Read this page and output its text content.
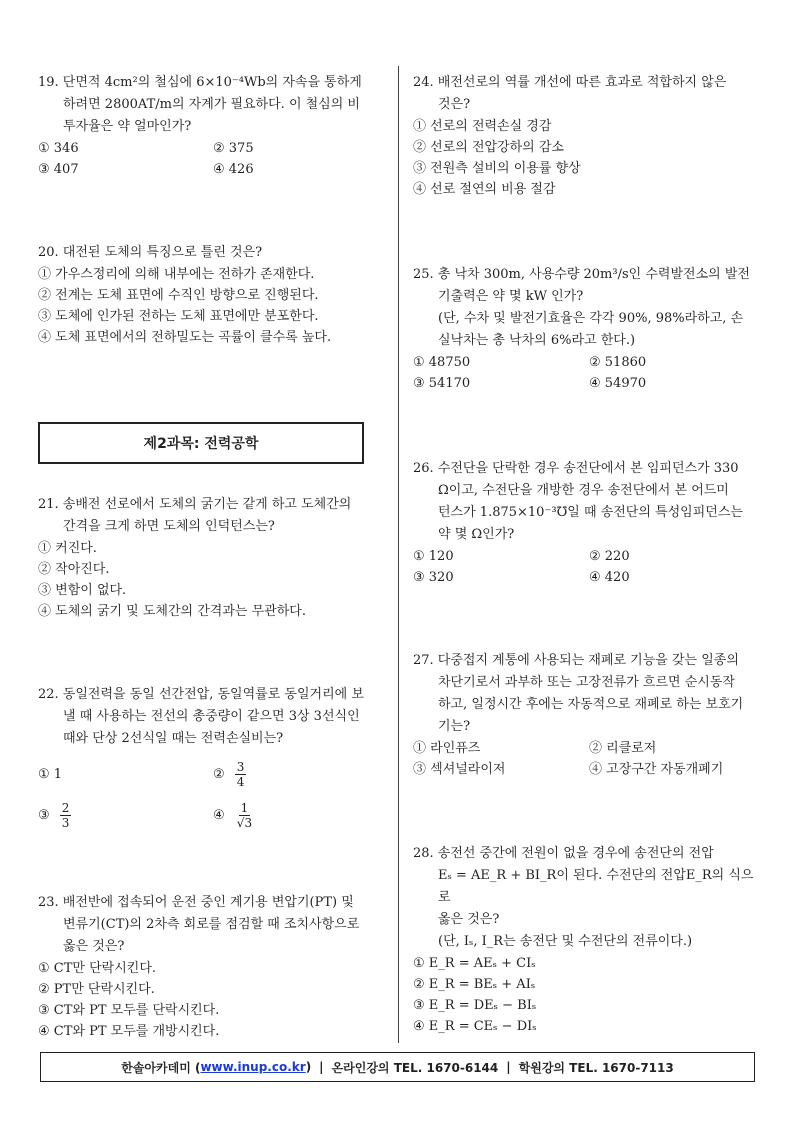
19. 단면적 4cm²의 철심에 6×10⁻⁴Wb의 자속을 통하게
하려면 2800AT/m의 자계가 필요하다. 이 철심의 비
투자율은 약 얼마인가?
① 346	② 375
③ 407	④ 426
20. 대전된 도체의 특징으로 틀린 것은?
① 가우스정리에 의해 내부에는 전하가 존재한다.
② 전계는 도체 표면에 수직인 방향으로 진행된다.
③ 도체에 인가된 전하는 도체 표면에만 분포한다.
④ 도체 표면에서의 전하밀도는 곡률이 클수록 높다.
제2과목: 전력공학
21. 송배전 선로에서 도체의 굵기는 같게 하고 도체간의
간격을 크게 하면 도체의 인덕턴스는?
① 커진다.
② 작아진다.
③ 변함이 없다.
④ 도체의 굵기 및 도체간의 간격과는 무관하다.
22. 동일전력을 동일 선간전압, 동일역률로 동일거리에 보
낼 때 사용하는 전선의 총중량이 같으면 3상 3선식인
때와 단상 2선식일 때는 전력손실비는?
① 1	② $\frac{3}{4}$
③ $\frac{2}{3}$	④ $\frac{1}{√3}$
23. 배전반에 접속되어 운전 중인 계기용 변압기(PT) 및
변류기(CT)의 2차측 회로를 점검할 때 조치사항으로
옳은 것은?
① CT만 단락시킨다.
② PT만 단락시킨다.
③ CT와 PT 모두를 단락시킨다.
④ CT와 PT 모두를 개방시킨다.
24. 배전선로의 역률 개선에 따른 효과로 적합하지 않은
것은?
① 선로의 전력손실 경감
② 선로의 전압강하의 감소
③ 전원측 설비의 이용률 향상
④ 선로 절연의 비용 절감
25. 총 낙차 300m, 사용수량 20m³/s인 수력발전소의 발전
기출력은 약 몇 kW 인가?
(단, 수차 및 발전기효율은 각각 90%, 98%라하고, 손
실낙차는 총 낙차의 6%라고 한다.)
① 48750	② 51860
③ 54170	④ 54970
26. 수전단을 단락한 경우 송전단에서 본 임피던스가 330
Ω이고, 수전단을 개방한 경우 송전단에서 본 어드미
턴스가 1.875×10⁻³℧일 때 송전단의 특성임피던스는
약 몇 Ω인가?
① 120	② 220
③ 320	④ 420
27. 다중접지 계통에 사용되는 재폐로 기능을 갖는 일종의
차단기로서 과부하 또는 고장전류가 흐르면 순시동작
하고, 일정시간 후에는 자동적으로 재폐로 하는 보호기
기는?
① 라인퓨즈	② 리클로저
③ 섹셔널라이저	④ 고장구간 자동개폐기
28. 송전선 중간에 전원이 없을 경우에 송전단의 전압
Eₛ = AE_R + BI_R이 된다. 수전단의 전압E_R의 식으로
옳은 것은?
(단, Iₛ, I_R는 송전단 및 수전단의 전류이다.)
① E_R = AEₛ + CIₛ
② E_R = BEₛ + AIₛ
③ E_R = DEₛ − BIₛ
④ E_R = CEₛ − DIₛ
한솔아카데미 ( www.inup.co.kr ) | 온라인강의 TEL. 1670-6144 | 학원강의 TEL. 1670-7113
